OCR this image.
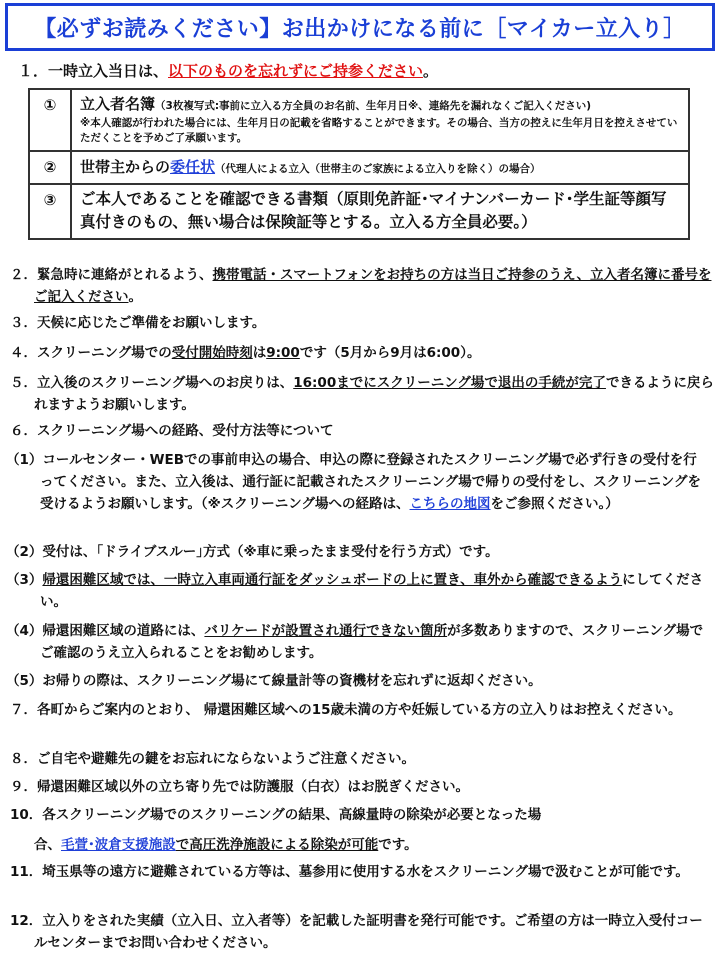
【必ずお読みください】お出かけになる前に［マイカー立入り］
１．一時立入当日は、以下のものを忘れずにご持参ください。
①	立入者名簿（3枚複写式:事前に立入る方全員のお名前、生年月日※、連絡先を漏れなくご記入ください)
※本人確認が行われた場合には、生年月日の記載を省略することができます。その場合、当方の控えに生年月日を控えさせていただくことを予めご了承願います。

②	世帯主からの委任状（代理人による立入（世帯主のご家族による立入りを除く）の場合）
③	ご本人であることを確認できる書類（原則免許証･マイナンバーカード･学生証等顔写真付きのもの、無い場合は保険証等とする。立入る方全員必要。）
２．緊急時に連絡がとれるよう、携帯電話・スマートフォンをお持ちの方は当日ご持参のうえ、立入者名簿に番号をご記入ください。
３．天候に応じたご準備をお願いします。
４．スクリーニング場での受付開始時刻は9:00です（5月から9月は6:00）。
５．立入後のスクリーニング場へのお戻りは、16:00までにスクリーニング場で退出の手続が完了できるように戻られますようお願いします。
６．スクリーニング場への経路、受付方法等について
（1）コールセンター・WEBでの事前申込の場合、申込の際に登録されたスクリーニング場で必ず行きの受付を行ってください。また、立入後は、通行証に記載されたスクリーニング場で帰りの受付をし、スクリーニングを受けるようお願いします。（※スクリーニング場への経路は、こちらの地図をご参照ください。）
（2）受付は、｢ドライブスルー｣方式（※車に乗ったまま受付を行う方式）です。
（3）帰還困難区域では、一時立入車両通行証をダッシュボードの上に置き、車外から確認できるようにしてください。
（4）帰還困難区域の道路には、バリケードが設置され通行できない箇所が多数ありますので、スクリーニング場でご確認のうえ立入られることをお勧めします。
（5）お帰りの際は、スクリーニング場にて線量計等の資機材を忘れずに返却ください。
７．各町からご案内のとおり、 帰還困難区域への15歳未満の方や妊娠している方の立入りはお控えください。
８．ご自宅や避難先の鍵をお忘れにならないようご注意ください。
９．帰還困難区域以外の立ち寄り先では防護服（白衣）はお脱ぎください。
10．各スクリーニング場でのスクリーニングの結果、高線量時の除染が必要となった場
合、毛萱･波倉支援施設で高圧洗浄施設による除染が可能です。
11．埼玉県等の遠方に避難されている方等は、墓参用に使用する水をスクリーニング場で汲むことが可能です。
12．立入りをされた実績（立入日、立入者等）を記載した証明書を発行可能です。ご希望の方は一時立入受付コールセンターまでお問い合わせください。
